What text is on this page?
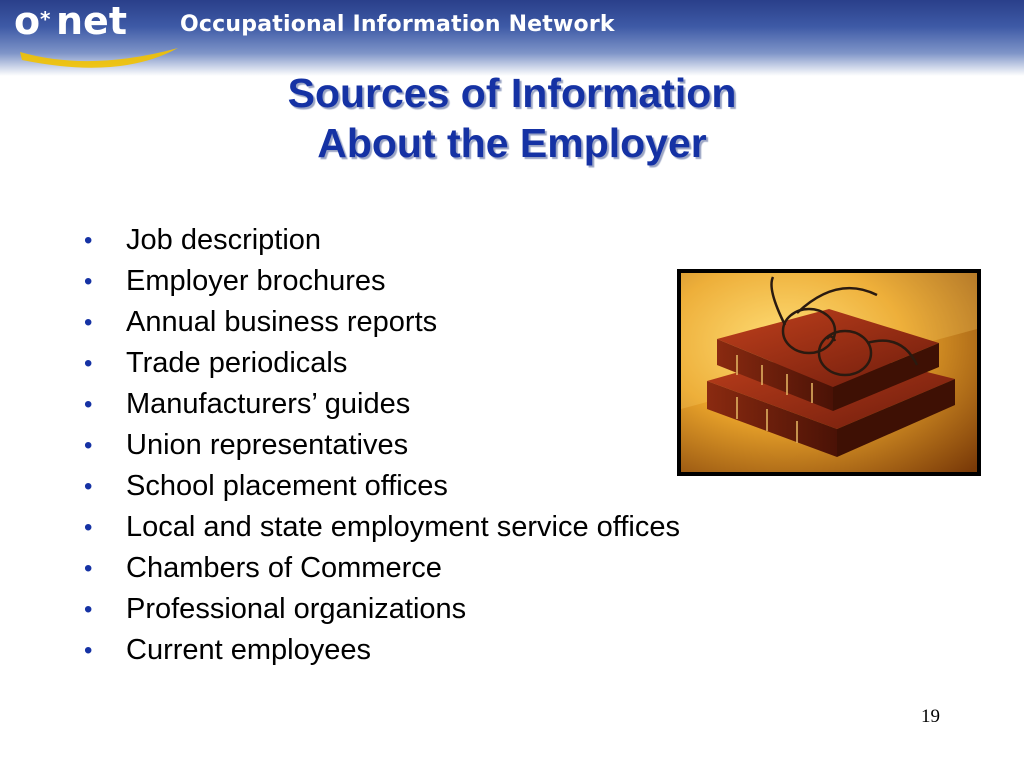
o * net Occupational Information Network
Sources of Information
About the Employer
• Job description
• Employer brochures
• Annual business reports
• Trade periodicals
• Manufacturers’ guides
• Union representatives
• School placement offices
• Local and state employment service offices
• Chambers of Commerce
• Professional organizations
• Current employees
19
